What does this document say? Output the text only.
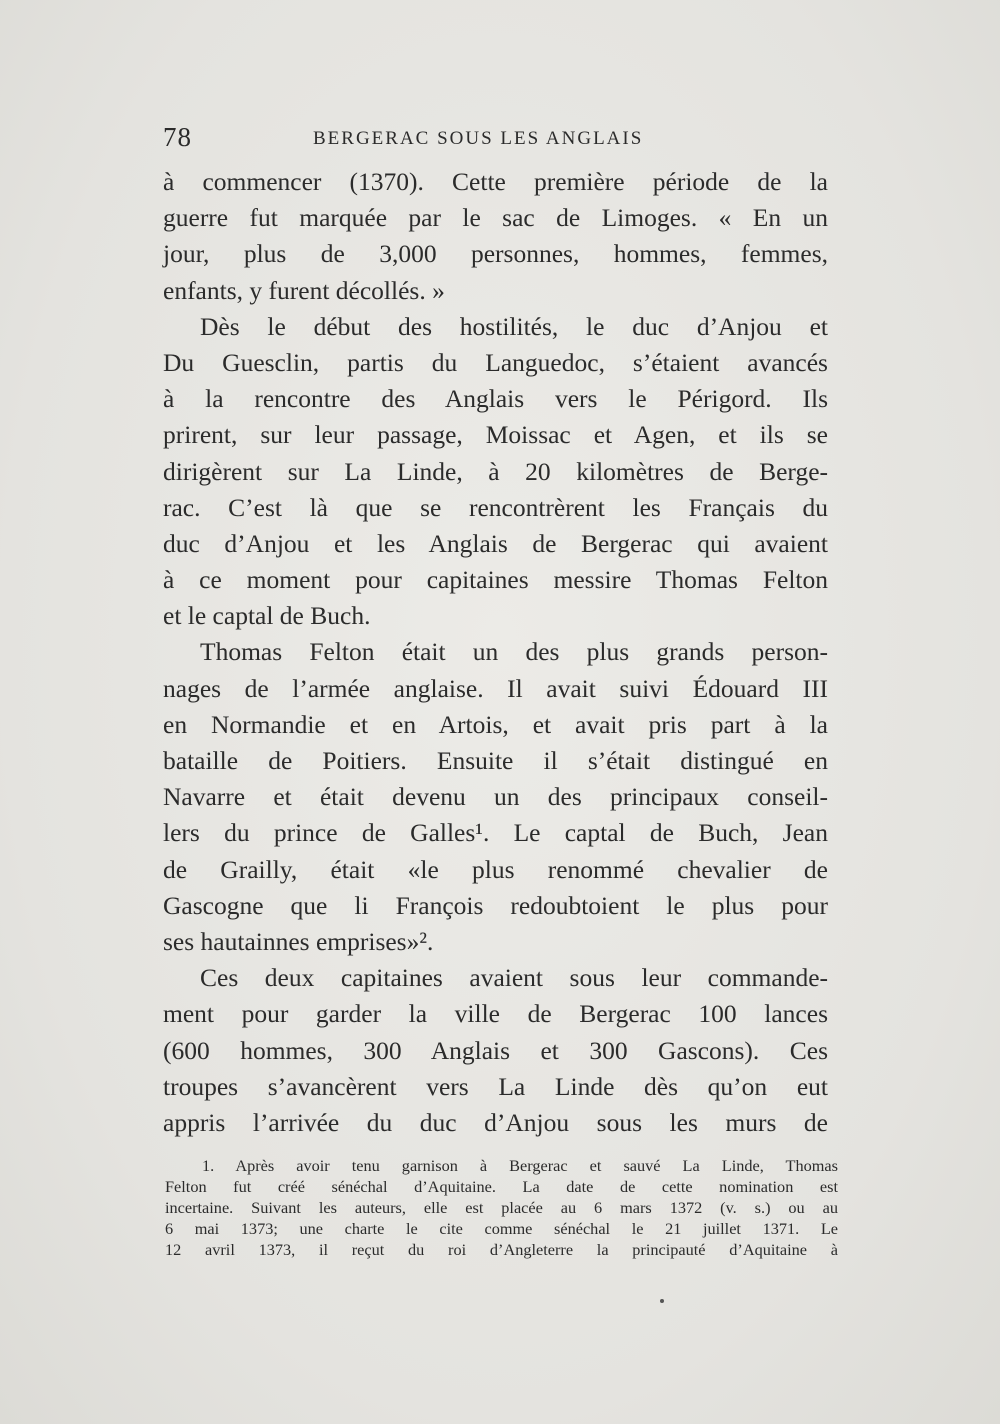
78	BERGERAC SOUS LES ANGLAIS
à commencer (1370). Cette première période de la
guerre fut marquée par le sac de Limoges. « En un
jour, plus de 3,000 personnes, hommes, femmes,
enfants, y furent décollés. »
Dès le début des hostilités, le duc d’Anjou et
Du Guesclin, partis du Languedoc, s’étaient avancés
à la rencontre des Anglais vers le Périgord. Ils
prirent, sur leur passage, Moissac et Agen, et ils se
dirigèrent sur La Linde, à 20 kilomètres de Berge-
rac. C’est là que se rencontrèrent les Français du
duc d’Anjou et les Anglais de Bergerac qui avaient
à ce moment pour capitaines messire Thomas Felton
et le captal de Buch.
Thomas Felton était un des plus grands person-
nages de l’armée anglaise. Il avait suivi Édouard III
en Normandie et en Artois, et avait pris part à la
bataille de Poitiers. Ensuite il s’était distingué en
Navarre et était devenu un des principaux conseil-
lers du prince de Galles¹. Le captal de Buch, Jean
de Grailly, était «le plus renommé chevalier de
Gascogne que li François redoubtoient le plus pour
ses hautainnes emprises»².
Ces deux capitaines avaient sous leur commande-
ment pour garder la ville de Bergerac 100 lances
(600 hommes, 300 Anglais et 300 Gascons). Ces
troupes s’avancèrent vers La Linde dès qu’on eut
appris l’arrivée du duc d’Anjou sous les murs de
1. Après avoir tenu garnison à Bergerac et sauvé La Linde, Thomas
Felton fut créé sénéchal d’Aquitaine. La date de cette nomination est
incertaine. Suivant les auteurs, elle est placée au 6 mars 1372 (v. s.) ou au
6 mai 1373; une charte le cite comme sénéchal le 21 juillet 1371. Le
12 avril 1373, il reçut du roi d’Angleterre la principauté d’Aquitaine à
